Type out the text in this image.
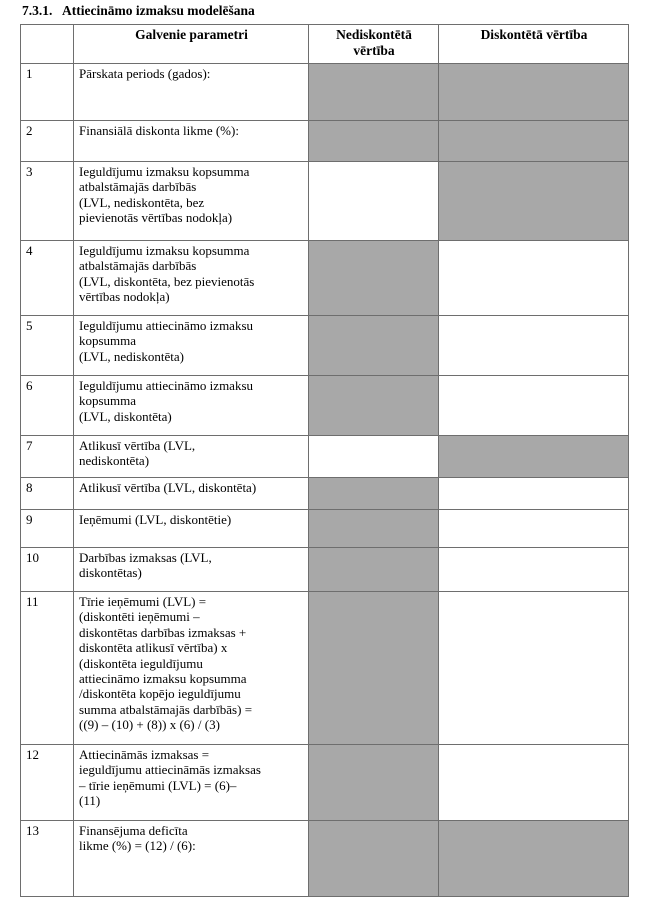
7.3.1. Attiecināmo izmaksu modelēšana
	Galvenie parametri	Nediskontētā
vērtība	Diskontētā vērtība
1	Pārskata periods (gados):		

2	Finansiālā diskonta likme (%):		

3	Ieguldījumu izmaksu kopsumma
atbalstāmajās darbībās
(LVL, nediskontēta, bez
pievienotās vērtības nodokļa)		

4	Ieguldījumu izmaksu kopsumma
atbalstāmajās darbībās
(LVL, diskontēta, bez pievienotās
vērtības nodokļa)		

5	Ieguldījumu attiecināmo izmaksu
kopsumma
(LVL, nediskontēta)		

6	Ieguldījumu attiecināmo izmaksu
kopsumma
(LVL, diskontēta)		

7	Atlikusī vērtība (LVL,
nediskontēta)		

8	Atlikusī vērtība (LVL, diskontēta)		

9	Ieņēmumi (LVL, diskontētie)		

10	Darbības izmaksas (LVL,
diskontētas)		

11	Tīrie ieņēmumi (LVL) =
(diskontēti ieņēmumi –
diskontētas darbības izmaksas +
diskontēta atlikusī vērtība) x
(diskontēta ieguldījumu
attiecināmo izmaksu kopsumma
/diskontēta kopējo ieguldījumu
summa atbalstāmajās darbībās) =
((9) – (10) + (8)) x (6) / (3)

12	Attiecināmās izmaksas =
ieguldījumu attiecināmās izmaksas
– tīrie ieņēmumi (LVL) = (6)–
(11)		

13	Finansējuma deficīta
likme (%) = (12) / (6):		
